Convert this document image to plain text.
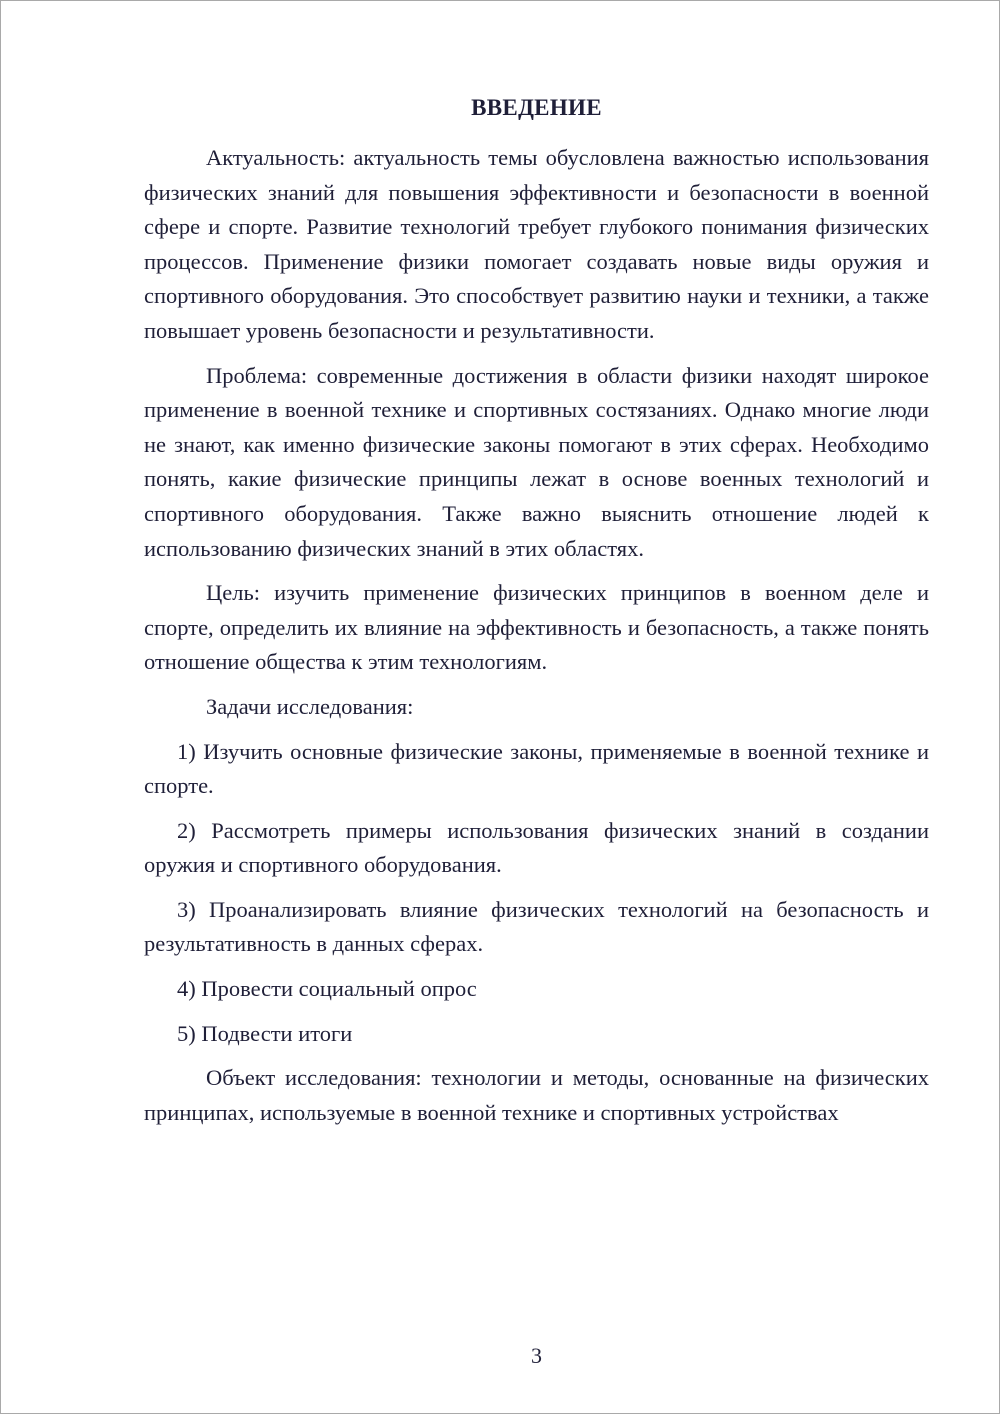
ВВЕДЕНИЕ

Актуальность: актуальность темы обусловлена важностью использования физических знаний для повышения эффективности и безопасности в военной сфере и спорте. Развитие технологий требует глубокого понимания физических процессов. Применение физики помогает создавать новые виды оружия и спортивного оборудования. Это способствует развитию науки и техники, а также повышает уровень безопасности и результативности.

Проблема: современные достижения в области физики находят широкое применение в военной технике и спортивных состязаниях. Однако многие люди не знают, как именно физические законы помогают в этих сферах. Необходимо понять, какие физические принципы лежат в основе военных технологий и спортивного оборудования. Также важно выяснить отношение людей к использованию физических знаний в этих областях.

Цель: изучить применение физических принципов в военном деле и спорте, определить их влияние на эффективность и безопасность, а также понять отношение общества к этим технологиям.

Задачи исследования:

1) Изучить основные физические законы, применяемые в военной технике и спорте.

2) Рассмотреть примеры использования физических знаний в создании оружия и спортивного оборудования.

3) Проанализировать влияние физических технологий на безопасность и результативность в данных сферах.

4) Провести социальный опрос

5) Подвести итоги

Объект исследования: технологии и методы, основанные на физических принципах, используемые в военной технике и спортивных устройствах

3
